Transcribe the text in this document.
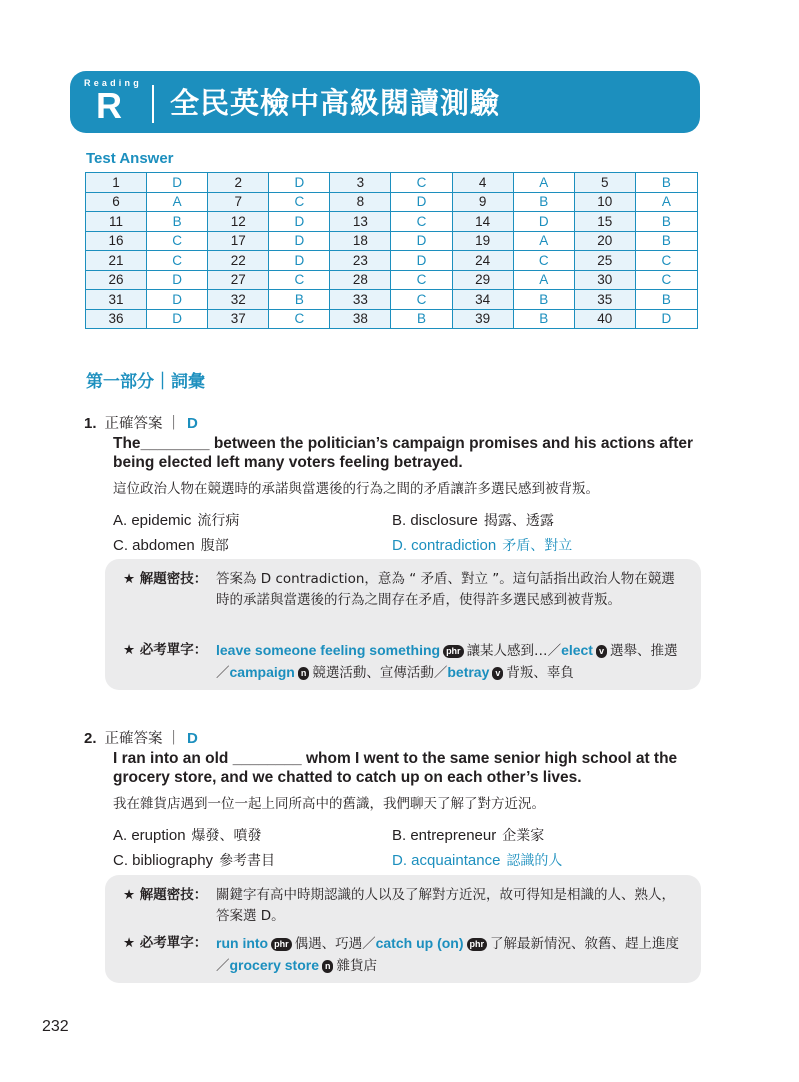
Reading
R 全民英檢中高級閱讀測驗
Test Answer
1	D	2	D	3	C	4	A	5	B
6	A	7	C	8	D	9	B	10	A
11	B	12	D	13	C	14	D	15	B
16	C	17	D	18	D	19	A	20	B
21	C	22	D	23	D	24	C	25	C
26	D	27	C	28	C	29	A	30	C
31	D	32	B	33	C	34	B	35	B
36	D	37	C	38	B	39	B	40	D
第一部分｜詞彙
1. 正確答案 ｜ D
The________ between the politician’s campaign promises and his actions after being elected left many voters feeling betrayed.
這位政治人物在競選時的承諾與當選後的行為之間的矛盾讓許多選民感到被背叛。
A. epidemic 流行病	B. disclosure 揭露、透露
C. abdomen 腹部	D. contradiction 矛盾、對立
★ 解題密技： 答案為 D contradiction，意為 “ 矛盾、對立 ”。這句話指出政治人物在競選時的承諾與當選後的行為之間存在矛盾，使得許多選民感到被背叛。
★ 必考單字： leave someone feeling something phr 讓某人感到…／elect v 選舉、推選／campaign n 競選活動、宣傳活動／betray v 背叛、辜負
2. 正確答案 ｜ D
I ran into an old ________ whom I went to the same senior high school at the grocery store, and we chatted to catch up on each other’s lives.
我在雜貨店遇到一位一起上同所高中的舊識，我們聊天了解了對方近況。
A. eruption 爆發、噴發	B. entrepreneur 企業家
C. bibliography 參考書目	D. acquaintance 認識的人
★ 解題密技： 關鍵字有高中時期認識的人以及了解對方近況，故可得知是相識的人、熟人，答案選 D。
★ 必考單字： run into phr 偶遇、巧遇／catch up (on) phr 了解最新情況、敘舊、趕上進度／grocery store n 雜貨店
232
